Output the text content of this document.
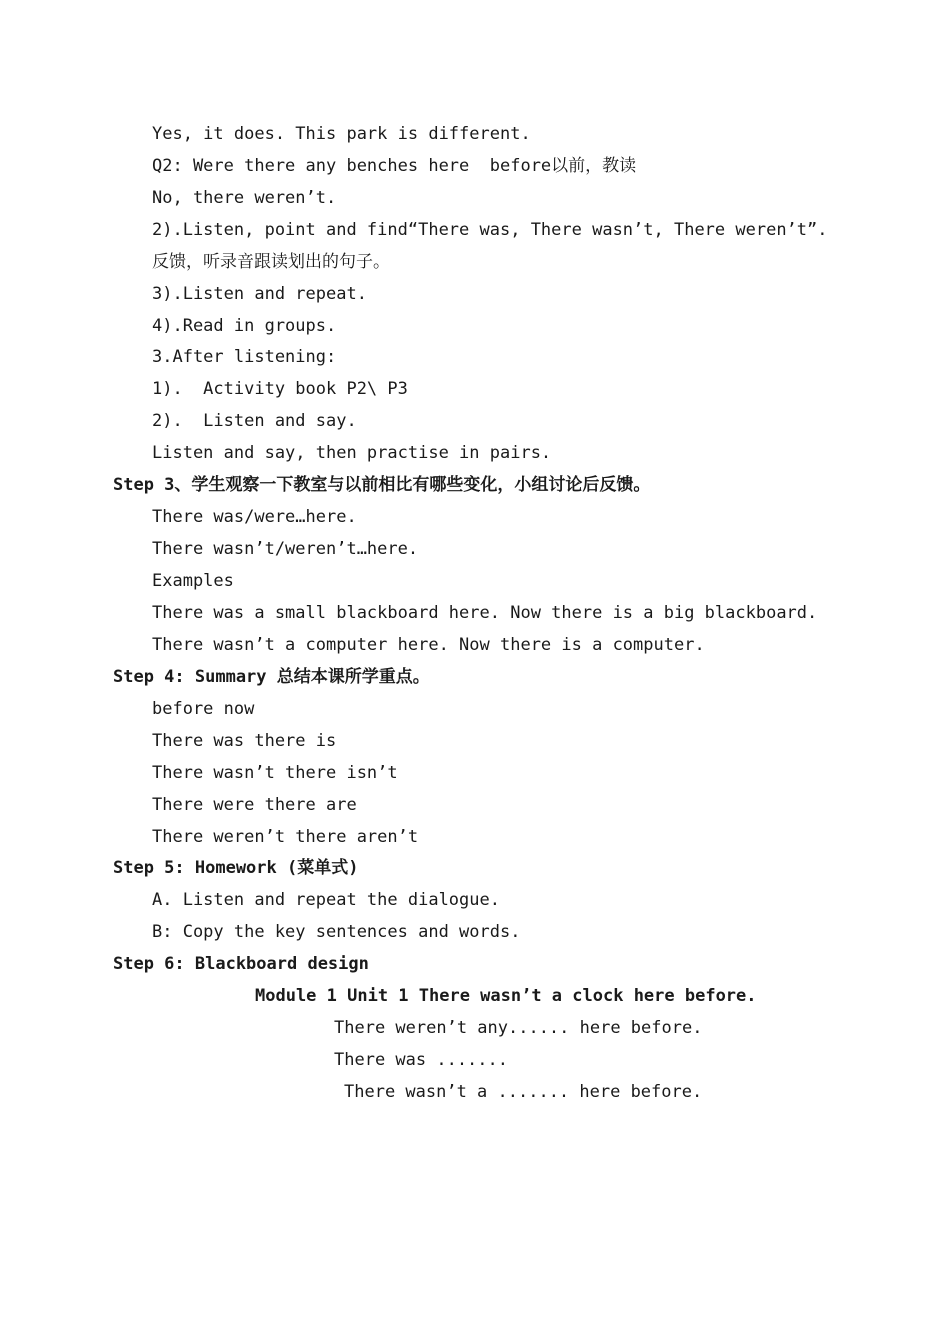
Yes, it does. This park is different.
Q2: Were there any benches here  before以前，教读
No, there weren’t.
2).Listen, point and find“There was, There wasn’t, There weren’t”.
反馈，听录音跟读划出的句子。
3).Listen and repeat.
4).Read in groups.
3.After listening:
1).  Activity book P2\ P3
2).  Listen and say.
Listen and say, then practise in pairs.
Step 3、学生观察一下教室与以前相比有哪些变化，小组讨论后反馈。
There was/were…here.
There wasn’t/weren’t…here.
Examples
There was a small blackboard here. Now there is a big blackboard.
There wasn’t a computer here. Now there is a computer.
Step 4: Summary 总结本课所学重点。
before now
There was there is
There wasn’t there isn’t
There were there are
There weren’t there aren’t
Step 5: Homework (菜单式)
A. Listen and repeat the dialogue.
B: Copy the key sentences and words.
Step 6: Blackboard design
Module 1 Unit 1 There wasn’t a clock here before.
There weren’t any...... here before.
There was .......
There wasn’t a ....... here before.
